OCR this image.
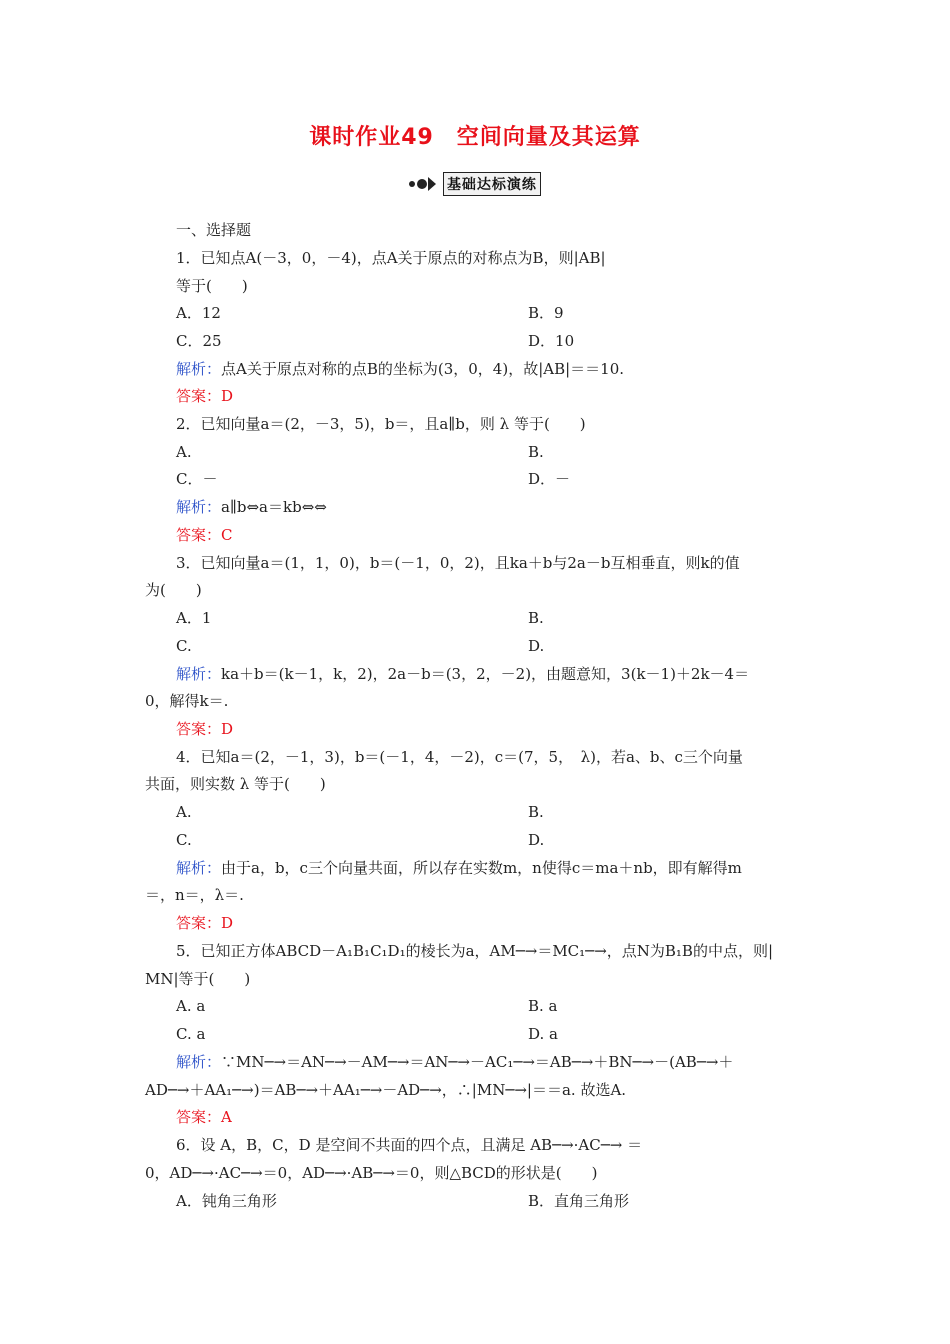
课时作业49　空间向量及其运算
基础达标演练
一、选择题
1．已知点A(－3，0，－4)，点A关于原点的对称点为B，则|AB|
等于(　　)
A．12	B．9
C．25	D．10
解析：点A关于原点对称的点B的坐标为(3，0，4)，故|AB|＝＝10.
答案：D
2．已知向量a＝(2，－3，5)，b＝，且a∥b，则 λ 等于(　　)
A.	B.
C．－	D．－
解析：a∥b⇔a＝kb⇔⇔
答案：C
3．已知向量a＝(1，1，0)，b＝(－1，0，2)，且ka＋b与2a－b互相垂直，则k的值
为(　　)
A．1	B.
C.	D.
解析：ka＋b＝(k－1，k，2)，2a－b＝(3，2，－2)，由题意知，3(k－1)＋2k－4＝
0，解得k＝.
答案：D
4．已知a＝(2，－1，3)，b＝(－1，4，－2)，c＝(7，5，　λ)，若a、b、c三个向量
共面，则实数 λ 等于(　　)
A.	B.
C.	D.
解析：由于a，b，c三个向量共面，所以存在实数m，n使得c＝ma＋nb，即有解得m
＝，n＝，λ＝.
答案：D
5．已知正方体ABCD－A₁B₁C₁D₁的棱长为a，AM─→＝MC₁─→，点N为B₁B的中点，则|
MN|等于(　　)
A. a	B. a
C. a	D. a
解析：∵MN─→＝AN─→－AM─→＝AN─→－AC₁─→＝AB─→＋BN─→－(AB─→＋
AD─→＋AA₁─→)＝AB─→＋AA₁─→－AD─→，∴|MN─→|＝＝a. 故选A.
答案：A
6．设 A，B，C，D 是空间不共面的四个点，且满足 AB─→·AC─→ ＝
0，AD─→·AC─→＝0，AD─→·AB─→＝0，则△BCD的形状是(　　)
A．钝角三角形	B．直角三角形
